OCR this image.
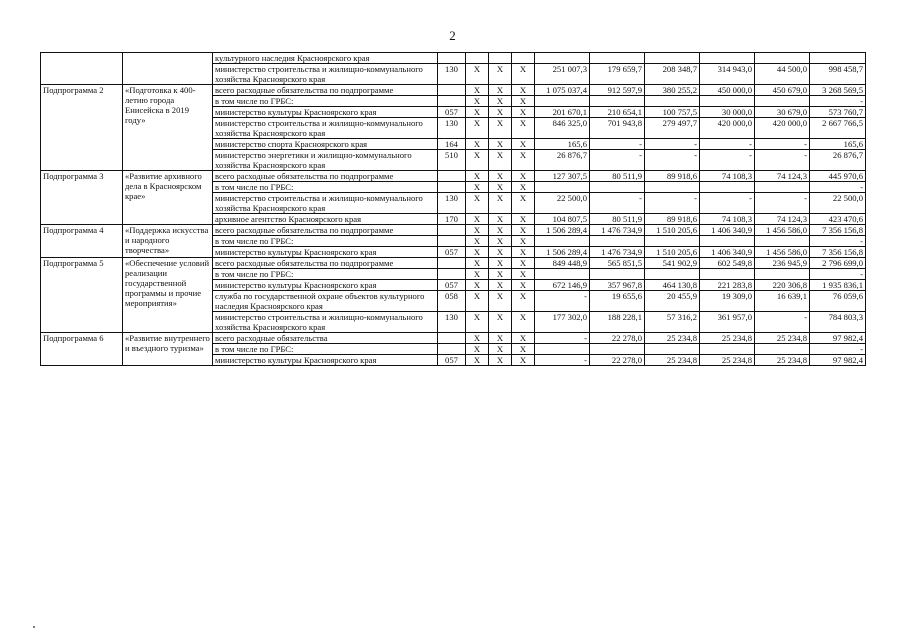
2
		культурного наследия Красноярского края										
		министерство строительства и жилищно-коммунального хозяйства Красноярского края	130	X	X	X	251 007,3	179 659,7	208 348,7	314 943,0	44 500,0	998 458,7
Подпрограмма 2	«Подготовка к 400-летию города Енисейска в 2019 году»	всего расходные обязательства по подпрограмме		X	X	X	1 075 037,4	912 597,9	380 255,2	450 000,0	450 679,0	3 268 569,5
		в том числе по ГРБС:		X	X	X						-
		министерство культуры Красноярского края	057	X	X	X	201 670,1	210 654,1	100 757,5	30 000,0	30 679,0	573 760,7
		министерство строительства и жилищно-коммунального хозяйства Красноярского края	130	X	X	X	846 325,0	701 943,8	279 497,7	420 000,0	420 000,0	2 667 766,5
		министерство спорта Красноярского края	164	X	X	X	165,6	-	-	-	-	165,6
		министерство энергетики и жилищно-коммунального хозяйства Красноярского края	510	X	X	X	26 876,7	-	-	-	-	26 876,7
Подпрограмма 3	«Развитие архивного дела в Красноярском крае»	всего расходные обязательства по подпрограмме		X	X	X	127 307,5	80 511,9	89 918,6	74 108,3	74 124,3	445 970,6
		в том числе по ГРБС:		X	X	X						-
		министерство строительства и жилищно-коммунального хозяйства Красноярского края	130	X	X	X	22 500,0	-	-	-	-	22 500,0
		архивное агентство Красноярского края	170	X	X	X	104 807,5	80 511,9	89 918,6	74 108,3	74 124,3	423 470,6
Подпрограмма 4	«Поддержка искусства и народного творчества»	всего расходные обязательства по подпрограмме		X	X	X	1 506 289,4	1 476 734,9	1 510 205,6	1 406 340,9	1 456 586,0	7 356 156,8
		в том числе по ГРБС:		X	X	X						-
		министерство культуры Красноярского края	057	X	X	X	1 506 289,4	1 476 734,9	1 510 205,6	1 406 340,9	1 456 586,0	7 356 156,8
Подпрограмма 5	«Обеспечение условий реализации государственной программы и прочие мероприятия»	всего расходные обязательства по подпрограмме		X	X	X	849 448,9	565 851,5	541 902,9	602 549,8	236 945,9	2 796 699,0
		в том числе по ГРБС:		X	X	X						-
		министерство культуры Красноярского края	057	X	X	X	672 146,9	357 967,8	464 130,8	221 283,8	220 306,8	1 935 836,1
		служба по государственной охране объектов культурного наследия Красноярского края	058	X	X	X	-	19 655,6	20 455,9	19 309,0	16 639,1	76 059,6
		министерство строительства и жилищно-коммунального хозяйства Красноярского края	130	X	X	X	177 302,0	188 228,1	57 316,2	361 957,0	-	784 803,3
Подпрограмма 6	«Развитие внутреннего и въездного туризма»	всего расходные обязательства		X	X	X	-	22 278,0	25 234,8	25 234,8	25 234,8	97 982,4
		в том числе по ГРБС:		X	X	X						-
		министерство культуры Красноярского края	057	X	X	X	-	22 278,0	25 234,8	25 234,8	25 234,8	97 982,4
